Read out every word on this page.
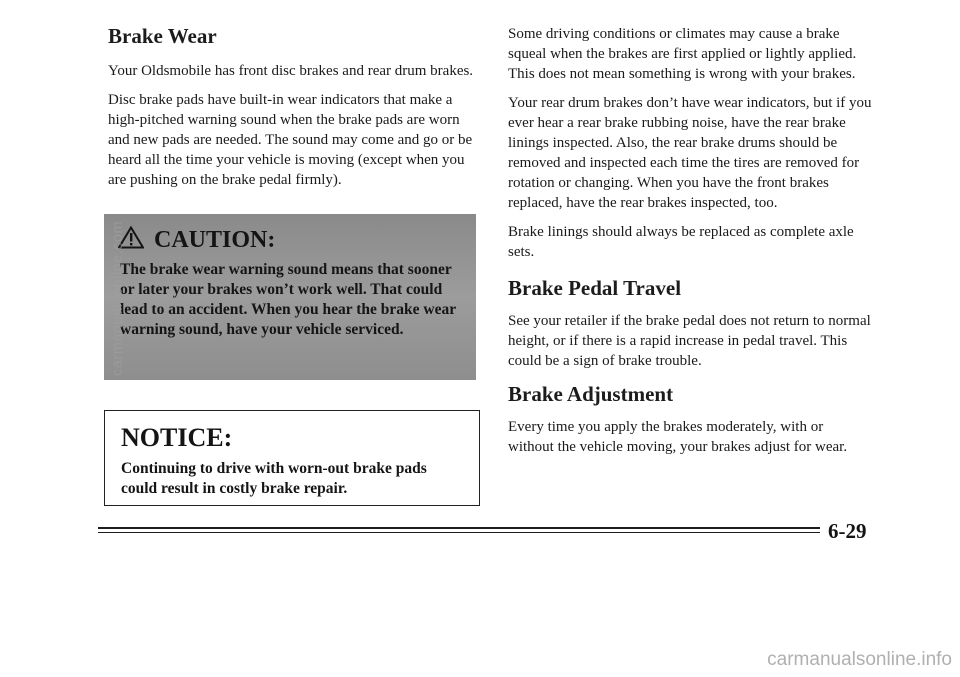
Brake Wear

Your Oldsmobile has front disc brakes and rear drum brakes.

Disc brake pads have built-in wear indicators that make a high-pitched warning sound when the brake pads are worn and new pads are needed. The sound may come and go or be heard all the time your vehicle is moving (except when you are pushing on the brake pedal firmly).

CAUTION:
The brake wear warning sound means that sooner or later your brakes won’t work well. That could lead to an accident. When you hear the brake wear warning sound, have your vehicle serviced.
NOTICE:
Continuing to drive with worn-out brake pads could result in costly brake repair.

Some driving conditions or climates may cause a brake squeal when the brakes are first applied or lightly applied. This does not mean something is wrong with your brakes.

Your rear drum brakes don’t have wear indicators, but if you ever hear a rear brake rubbing noise, have the rear brake linings inspected. Also, the rear brake drums should be removed and inspected each time the tires are removed for rotation or changing. When you have the front brakes replaced, have the rear brakes inspected, too.

Brake linings should always be replaced as complete axle sets.

Brake Pedal Travel

See your retailer if the brake pedal does not return to normal height, or if there is a rapid increase in pedal travel. This could be a sign of brake trouble.

Brake Adjustment

Every time you apply the brakes moderately, with or without the vehicle moving, your brakes adjust for wear.

6-29
carmanualsonline.com
carmanualsonline.info
